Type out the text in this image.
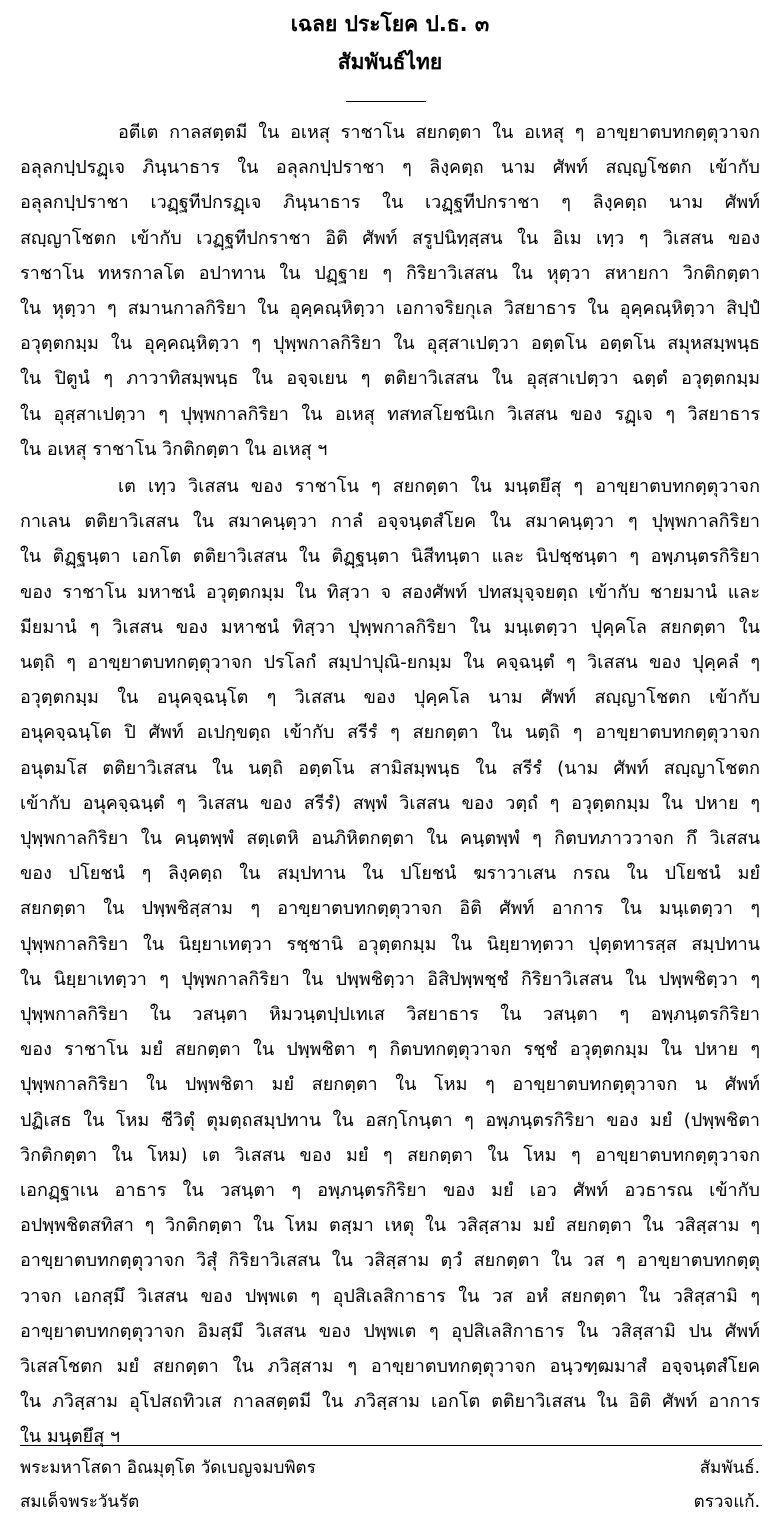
เฉลย ประโยค ป.ธ. ๓
สัมพันธ์ไทย
อตีเต กาลสตฺตมี ใน อเหสุ ราชาโน สยกตฺตา ใน อเหสุ ๆ อาขฺยาตบทกตฺตุวาจก
อลุลกปฺปรฏฺเจ ภินฺนาธาร ใน อลุลกปฺปราชา ๆ ลิงฺคตฺถ นาม ศัพท์ สญฺญโชตก เข้ากับ
อลุลกปฺปราชา เวฏฺฐทีปกรฏฺเจ ภินฺนาธาร ใน เวฏฺฐทีปกราชา ๆ ลิงฺคตฺถ นาม ศัพท์
สญฺญาโชตก เข้ากับ เวฏฺฐทีปกราชา อิติ ศัพท์ สรูปนิทฺสฺสน ใน อิเม เทฺว ๆ วิเสสน ของ
ราชาโน ทหรกาลโต อปาทาน ใน ปฏฺฐาย ๆ กิริยาวิเสสน ใน หุตฺวา สหายกา วิกติกตฺตา
ใน หุตฺวา ๆ สมานกาลกิริยา ใน อุคฺคณฺหิตฺวา เอกาจริยกุเล วิสยาธาร ใน อุคฺคณฺหิตฺวา สิปฺปํ
อวุตฺตกมฺม ใน อุคฺคณฺหิตฺวา ๆ ปุพฺพกาลกิริยา ใน อุสฺสาเปตฺวา อตฺตโน อตฺตโน สมุหสมฺพนฺธ
ใน ปิตูนํ ๆ ภาวาทิสมฺพนฺธ ใน อจฺจเยน ๆ ตติยาวิเสสน ใน อุสฺสาเปตฺวา ฉตฺตํ อวุตฺตกมฺม
ใน อุสฺสาเปตฺวา ๆ ปุพฺพกาลกิริยา ใน อเหสุ ทสทสโยชนิเก วิเสสน ของ รฏฺเจ ๆ วิสยาธาร
ใน อเหสุ ราชาโน วิกติกตฺตา ใน อเหสุ ฯ
เต เทฺว วิเสสน ของ ราชาโน ๆ สยกตฺตา ใน มนฺตยึสุ ๆ อาขฺยาตบทกตฺตุวาจก
กาเลน ตติยาวิเสสน ใน สมาคนฺตฺวา กาลํ อจฺจนฺตสํโยค ใน สมาคนฺตฺวา ๆ ปุพฺพกาลกิริยา
ใน ติฏฺฐนฺตา เอกโต ตติยาวิเสสน ใน ติฏฺฐนฺตา นิสีทนฺตา และ นิปชฺชนฺตา ๆ อพฺภนฺตรกิริยา
ของ ราชาโน มหาชนํ อวุตฺตกมฺม ใน ทิสฺวา จ สองศัพท์ ปทสมุจฺจยตฺถ เข้ากับ ชายมานํ และ
มียมานํ ๆ วิเสสน ของ มหาชนํ ทิสฺวา ปุพฺพกาลกิริยา ใน มนฺเตตฺวา ปุคฺคโล สยกตฺตา ใน
นตฺถิ ๆ อาขฺยาตบทกตฺตุวาจก ปรโลกํ สมฺปาปุณิ-ยกมฺม ใน คจฺฉนฺตํ ๆ วิเสสน ของ ปุคฺคลํ ๆ
อวุตฺตกมฺม ใน อนุคจฺฉนฺโต ๆ วิเสสน ของ ปุคฺคโล นาม ศัพท์ สญฺญาโชตก เข้ากับ
อนุคจฺฉนฺโต ปิ ศัพท์ อเปกฺขตฺถ เข้ากับ สรีรํ ๆ สยกตฺตา ใน นตฺถิ ๆ อาขฺยาตบทกตฺตุวาจก
อนุตมโส ตติยาวิเสสน ใน นตฺถิ อตฺตโน สามิสมฺพนฺธ ใน สรีรํ (นาม ศัพท์ สญฺญาโชตก
เข้ากับ อนุคจฺฉนฺตํ ๆ วิเสสน ของ สรีรํ) สพฺพํ วิเสสน ของ วตฺถํ ๆ อวุตฺตกมฺม ใน ปหาย ๆ
ปุพฺพกาลกิริยา ใน คนฺตพฺพํ สตฺเตหิ อนภิหิตกตฺตา ใน คนฺตพฺพํ ๆ กิตบทภาววาจก กึ วิเสสน
ของ ปโยชนํ ๆ ลิงฺคตฺถ ใน สมฺปทาน ใน ปโยชนํ ฆราวาเสน กรณ ใน ปโยชนํ มยํ
สยกตฺตา ใน ปพฺพชิสฺสาม ๆ อาขฺยาตบทกตฺตุวาจก อิติ ศัพท์ อาการ ใน มนฺเตตฺวา ๆ
ปุพฺพกาลกิริยา ใน นิยฺยาเทตฺวา รชฺชานิ อวุตฺตกมฺม ใน นิยฺยาทฺตวา ปุตฺตทารสฺส สมฺปทาน
ใน นิยฺยาเทตฺวา ๆ ปุพฺพกาลกิริยา ใน ปพฺพชิตฺวา อิสิปพฺพชฺชํ กิริยาวิเสสน ใน ปพฺพชิตฺวา ๆ
ปุพฺพกาลกิริยา ใน วสนฺตา หิมวนฺตปฺปเทเส วิสยาธาร ใน วสนฺตา ๆ อพฺภนฺตรกิริยา
ของ ราชาโน มยํ สยกตฺตา ใน ปพฺพชิตา ๆ กิตบทกตฺตุวาจก รชฺชํ อวุตฺตกมฺม ใน ปหาย ๆ
ปุพฺพกาลกิริยา ใน ปพฺพชิตา มยํ สยกตฺตา ใน โหม ๆ อาขฺยาตบทกตฺตุวาจก น ศัพท์
ปฏิเสธ ใน โหม ชีวิตุํ ตุมตฺถสมฺปทาน ใน อสกฺโกนฺตา ๆ อพฺภนฺตรกิริยา ของ มยํ (ปพฺพชิตา
วิกติกตฺตา ใน โหม) เต วิเสสน ของ มยํ ๆ สยกตฺตา ใน โหม ๆ อาขฺยาตบทกตฺตุวาจก
เอกฏฺฐาเน อาธาร ใน วสนฺตา ๆ อพฺภนฺตรกิริยา ของ มยํ เอว ศัพท์ อวธารณ เข้ากับ
อปพฺพชิตสทิสา ๆ วิกติกตฺตา ใน โหม ตสฺมา เหตุ ใน วสิสฺสาม มยํ สยกตฺตา ใน วสิสฺสาม ๆ
อาขฺยาตบทกตฺตุวาจก วิสุํ กิริยาวิเสสน ใน วสิสฺสาม ตฺวํ สยกตฺตา ใน วส ๆ อาขฺยาตบทกตฺตุ
วาจก เอกสฺมึ วิเสสน ของ ปพฺพเต ๆ อุปสิเลสิกาธาร ใน วส อหํ สยกตฺตา ใน วสิสฺสามิ ๆ
อาขฺยาตบทกตฺตุวาจก อิมสฺมึ วิเสสน ของ ปพฺพเต ๆ อุปสิเลสิกาธาร ใน วสิสฺสามิ ปน ศัพท์
วิเสสโชตก มยํ สยกตฺตา ใน ภวิสฺสาม ๆ อาขฺยาตบทกตฺตุวาจก อนฺวฑฺฒมาสํ อจฺจนฺตสํโยค
ใน ภวิสฺสาม อุโปสถทิวเส กาลสตฺตมี ใน ภวิสฺสาม เอกโต ตติยาวิเสสน ใน อิติ ศัพท์ อาการ
ใน มนฺตยึสุ ฯ
พระมหาโสดา อิณมุตฺโต วัดเบญจมบพิตร	สัมพันธ์.
สมเด็จพระวันรัต	ตรวจแก้.
